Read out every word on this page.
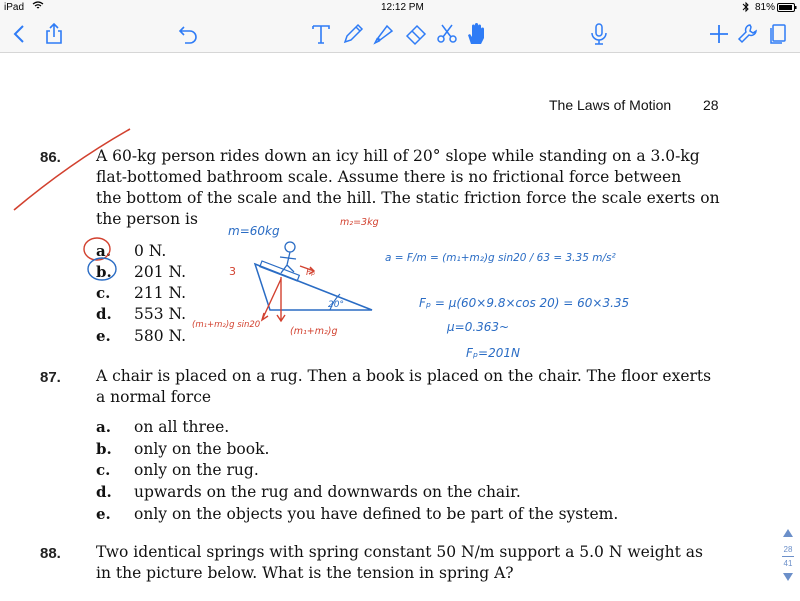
iPad	12:12 PM	81%
The Laws of Motion 28
86. A 60-kg person rides down an icy hill of 20° slope while standing on a 3.0-kg
flat-bottomed bathroom scale. Assume there is no frictional force between
the bottom of the scale and the hill. The static friction force the scale exerts on
the person is
a. 0 N.
b. 201 N.
c. 211 N.
d. 553 N.
e. 580 N.
87. A chair is placed on a rug. Then a book is placed on the chair. The floor exerts
a normal force
a. on all three.
b. only on the book.
c. only on the rug.
d. upwards on the rug and downwards on the chair.
e. only on the objects you have defined to be part of the system.
88. Two identical springs with spring constant 50 N/m support a 5.0 N weight as
in the picture below. What is the tension in spring A?
m=60kg
m₂=3kg
3	Fₚ
20°
(m₁+m₂)g sin20
(m₁+m₂)g
a = F/m = (m₁+m₂)g sin20 / 63 = 3.35 m/s²
Fₚ = μ(60×9.8×cos 20) = 60×3.35
μ=0.363~
Fₚ=201N
28
41
